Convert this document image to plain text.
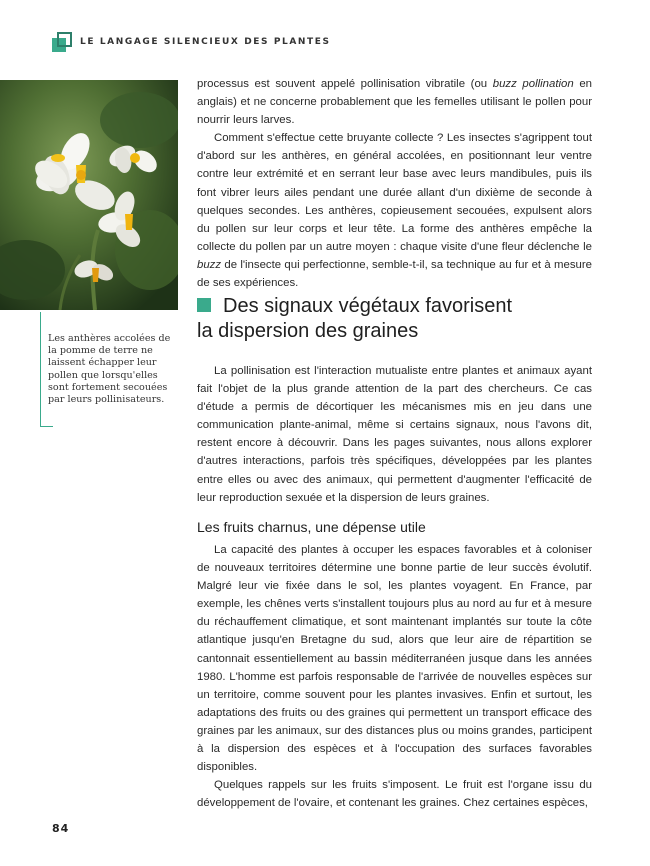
LE LANGAGE SILENCIEUX DES PLANTES
Les anthères accolées de la pomme de terre ne laissent échapper leur pollen que lorsqu'elles sont fortement secouées par leurs pollinisateurs.

processus est souvent appelé pollinisation vibratile (ou buzz pollination en anglais) et ne concerne probablement que les femelles utilisant le pollen pour nourrir leurs larves.

Comment s'effectue cette bruyante collecte ? Les insectes s'agrippent tout d'abord sur les anthères, en général accolées, en positionnant leur ventre contre leur extrémité et en serrant leur base avec leurs mandibules, puis ils font vibrer leurs ailes pendant une durée allant d'un dixième de seconde à quelques secondes. Les anthères, copieusement secouées, expulsent alors du pollen sur leur corps et leur tête. La forme des anthères empêche la collecte du pollen par un autre moyen : chaque visite d'une fleur déclenche le buzz de l'insecte qui perfectionne, semble-t-il, sa technique au fur et à mesure de ses expériences.

Des signaux végétaux favorisent
la dispersion des graines

La pollinisation est l'interaction mutualiste entre plantes et animaux ayant fait l'objet de la plus grande attention de la part des chercheurs. Ce cas d'étude a permis de décortiquer les mécanismes mis en jeu dans une communication plante-animal, même si certains signaux, nous l'avons dit, restent encore à découvrir. Dans les pages suivantes, nous allons explorer d'autres interactions, parfois très spécifiques, développées par les plantes entre elles ou avec des animaux, qui permettent d'augmenter l'efficacité de leur reproduction sexuée et la dispersion de leurs graines.

Les fruits charnus, une dépense utile

La capacité des plantes à occuper les espaces favorables et à coloniser de nouveaux territoires détermine une bonne partie de leur succès évolutif. Malgré leur vie fixée dans le sol, les plantes voyagent. En France, par exemple, les chênes verts s'installent toujours plus au nord au fur et à mesure du réchauffement climatique, et sont maintenant implantés sur toute la côte atlantique jusqu'en Bretagne du sud, alors que leur aire de répartition se cantonnait essentiellement au bassin méditerranéen jusque dans les années 1980. L'homme est parfois responsable de l'arrivée de nouvelles espèces sur un territoire, comme souvent pour les plantes invasives. Enfin et surtout, les adaptations des fruits ou des graines qui permettent un transport efficace des graines par les animaux, sur des distances plus ou moins grandes, participent à la dispersion des espèces et à l'occupation des surfaces favorables disponibles.

Quelques rappels sur les fruits s'imposent. Le fruit est l'organe issu du développement de l'ovaire, et contenant les graines. Chez certaines espèces,

84
